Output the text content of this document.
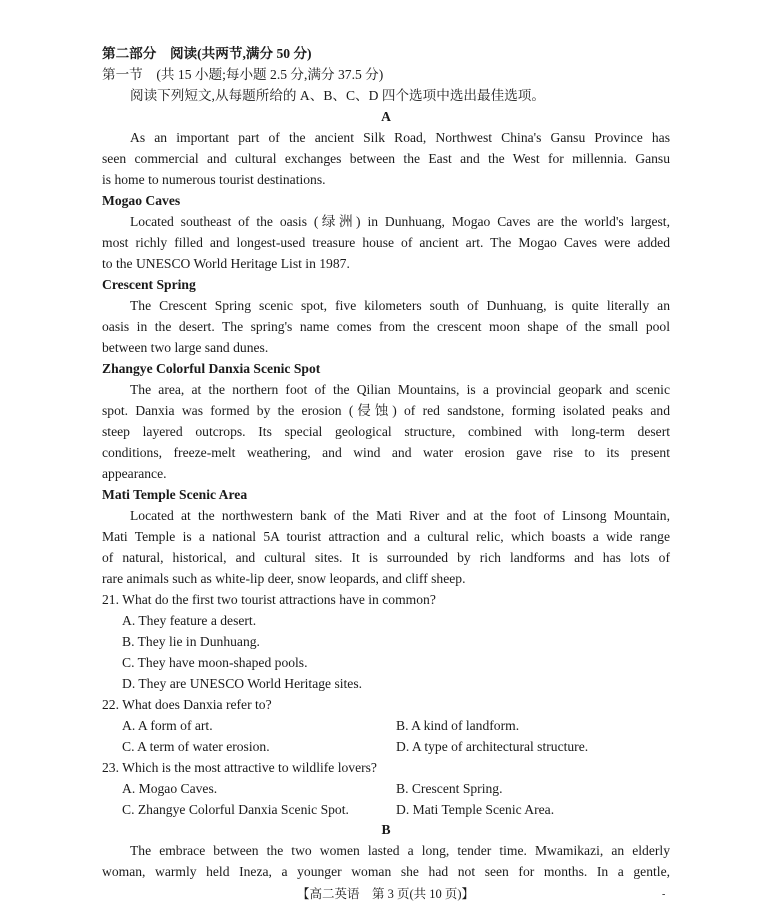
第二部分　阅读(共两节,满分 50 分)
第一节　(共 15 小题;每小题 2.5 分,满分 37.5 分)
阅读下列短文,从每题所给的 A、B、C、D 四个选项中选出最佳选项。
A
As an important part of the ancient Silk Road, Northwest China's Gansu Province has
seen commercial and cultural exchanges between the East and the West for millennia. Gansu
is home to numerous tourist destinations.
Mogao Caves
Located southeast of the oasis (绿洲) in Dunhuang, Mogao Caves are the world's largest,
most richly filled and longest-used treasure house of ancient art. The Mogao Caves were added
to the UNESCO World Heritage List in 1987.
Crescent Spring
The Crescent Spring scenic spot, five kilometers south of Dunhuang, is quite literally an
oasis in the desert. The spring's name comes from the crescent moon shape of the small pool
between two large sand dunes.
Zhangye Colorful Danxia Scenic Spot
The area, at the northern foot of the Qilian Mountains, is a provincial geopark and scenic
spot. Danxia was formed by the erosion (侵蚀) of red sandstone, forming isolated peaks and
steep layered outcrops. Its special geological structure, combined with long-term desert
conditions, freeze-melt weathering, and wind and water erosion gave rise to its present
appearance.
Mati Temple Scenic Area
Located at the northwestern bank of the Mati River and at the foot of Linsong Mountain,
Mati Temple is a national 5A tourist attraction and a cultural relic, which boasts a wide range
of natural, historical, and cultural sites. It is surrounded by rich landforms and has lots of
rare animals such as white-lip deer, snow leopards, and cliff sheep.
21. What do the first two tourist attractions have in common?
A. They feature a desert.
B. They lie in Dunhuang.
C. They have moon-shaped pools.
D. They are UNESCO World Heritage sites.
22. What does Danxia refer to?
A. A form of art.	B. A kind of landform.
C. A term of water erosion.	D. A type of architectural structure.
23. Which is the most attractive to wildlife lovers?
A. Mogao Caves.	B. Crescent Spring.
C. Zhangye Colorful Danxia Scenic Spot.	D. Mati Temple Scenic Area.
B
The embrace between the two women lasted a long, tender time. Mwamikazi, an elderly
woman, warmly held Ineza, a younger woman she had not seen for months. In a gentle,
【高二英语　第 3 页(共 10 页)】	-
